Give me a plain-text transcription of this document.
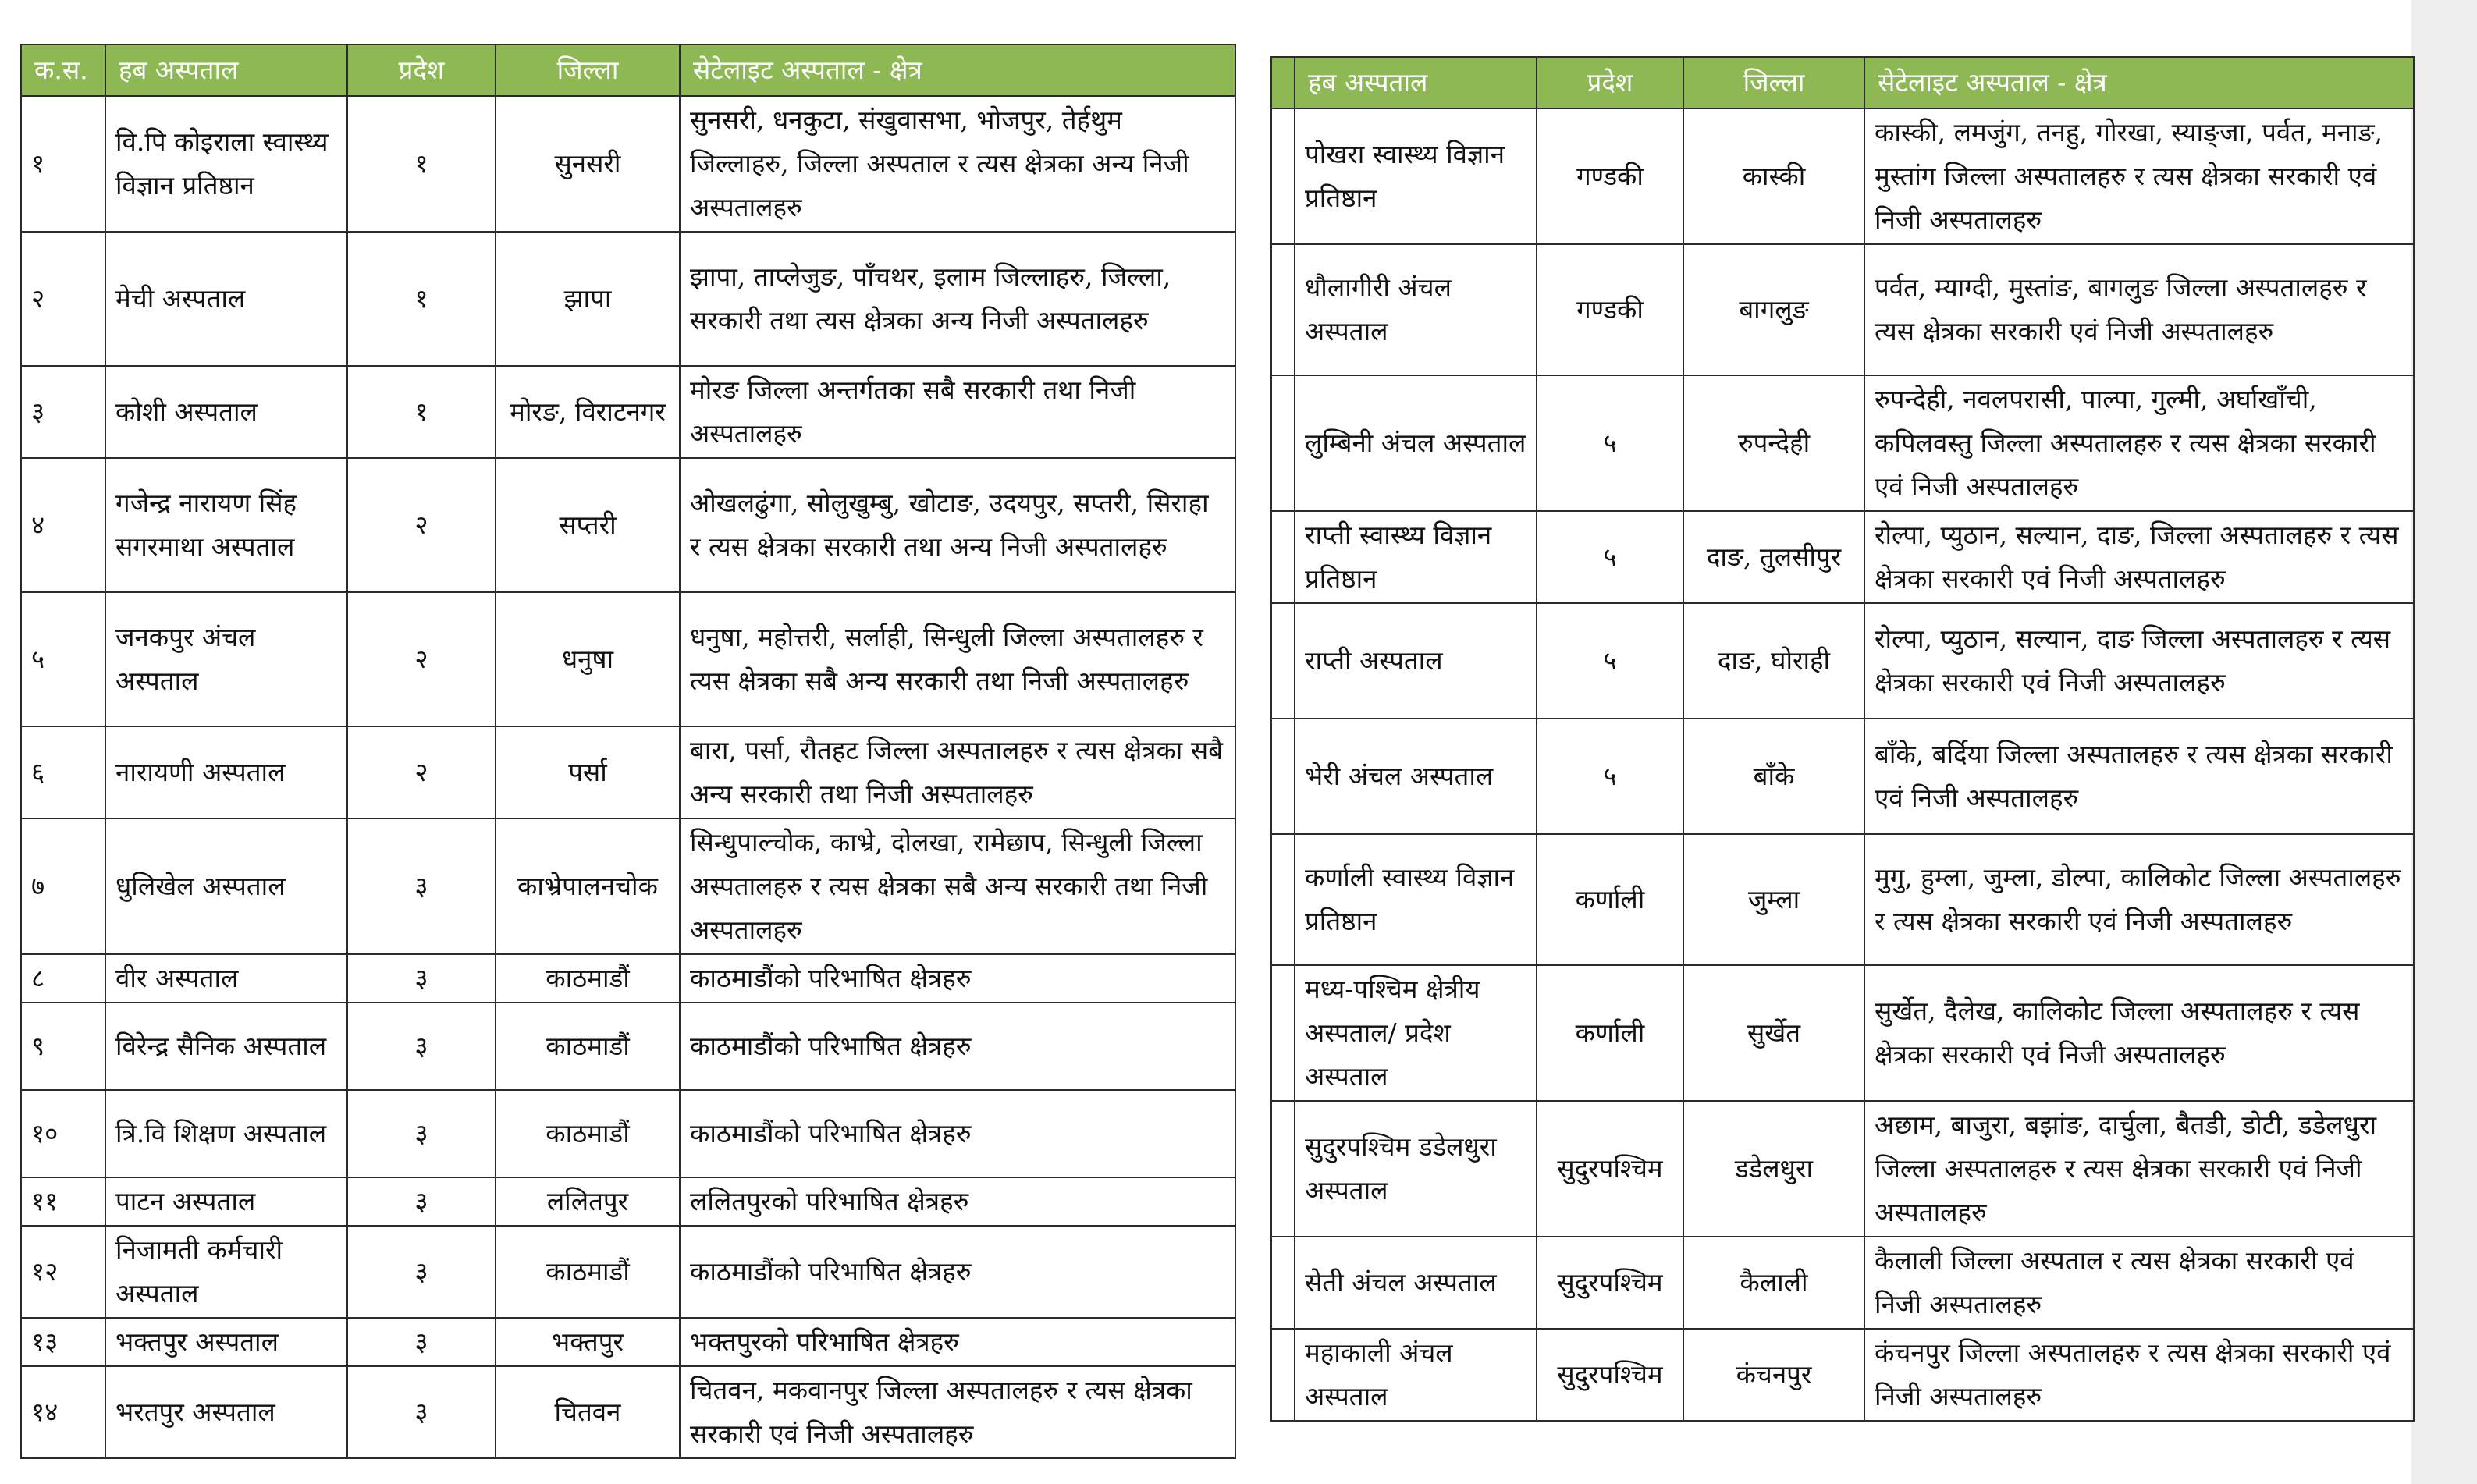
क.स.	हब अस्पताल	प्रदेश	जिल्ला	सेटेलाइट अस्पताल - क्षेत्र
१	वि.पि कोइराला स्वास्थ्य विज्ञान प्रतिष्ठान	१	सुनसरी	सुनसरी, धनकुटा, संखुवासभा, भोजपुर, तेर्हथुम जिल्लाहरु, जिल्ला अस्पताल र त्यस क्षेत्रका अन्य निजी अस्पतालहरु
२	मेची अस्पताल	१	झापा	झापा, ताप्लेजुङ, पाँचथर, इलाम जिल्लाहरु, जिल्ला, सरकारी तथा त्यस क्षेत्रका अन्य निजी अस्पतालहरु
३	कोशी अस्पताल	१	मोरङ, विराटनगर	मोरङ जिल्ला अन्तर्गतका सबै सरकारी तथा निजी अस्पतालहरु
४	गजेन्द्र नारायण सिंह सगरमाथा अस्पताल	२	सप्तरी	ओखलढुंगा, सोलुखुम्बु, खोटाङ, उदयपुर, सप्तरी, सिराहा र त्यस क्षेत्रका सरकारी तथा अन्य निजी अस्पतालहरु
५	जनकपुर अंचल अस्पताल	२	धनुषा	धनुषा, महोत्तरी, सर्लाही, सिन्धुली जिल्ला अस्पतालहरु र त्यस क्षेत्रका सबै अन्य सरकारी तथा निजी अस्पतालहरु
६	नारायणी अस्पताल	२	पर्सा	बारा, पर्सा, रौतहट जिल्ला अस्पतालहरु र त्यस क्षेत्रका सबै अन्य सरकारी तथा निजी अस्पतालहरु
७	धुलिखेल अस्पताल	३	काभ्रेपालनचोक	सिन्धुपाल्चोक, काभ्रे, दोलखा, रामेछाप, सिन्धुली जिल्ला अस्पतालहरु र त्यस क्षेत्रका सबै अन्य सरकारी तथा निजी अस्पतालहरु
८	वीर अस्पताल	३	काठमाडौं	काठमाडौंको परिभाषित क्षेत्रहरु
९	विरेन्द्र सैनिक अस्पताल	३	काठमाडौं	काठमाडौंको परिभाषित क्षेत्रहरु
१०	त्रि.वि शिक्षण अस्पताल	३	काठमाडौं	काठमाडौंको परिभाषित क्षेत्रहरु
११	पाटन अस्पताल	३	ललितपुर	ललितपुरको परिभाषित क्षेत्रहरु
१२	निजामती कर्मचारी अस्पताल	३	काठमाडौं	काठमाडौंको परिभाषित क्षेत्रहरु
१३	भक्तपुर अस्पताल	३	भक्तपुर	भक्तपुरको परिभाषित क्षेत्रहरु
१४	भरतपुर अस्पताल	३	चितवन	चितवन, मकवानपुर जिल्ला अस्पतालहरु र त्यस क्षेत्रका सरकारी एवं निजी अस्पतालहरु
	हब अस्पताल	प्रदेश	जिल्ला	सेटेलाइट अस्पताल - क्षेत्र
	पोखरा स्वास्थ्य विज्ञान प्रतिष्ठान	गण्डकी	कास्की	कास्की, लमजुंग, तनहु, गोरखा, स्याङ्जा, पर्वत, मनाङ, मुस्तांग जिल्ला अस्पतालहरु र त्यस क्षेत्रका सरकारी एवं निजी अस्पतालहरु
	धौलागीरी अंचल अस्पताल	गण्डकी	बागलुङ	पर्वत, म्याग्दी, मुस्तांङ, बागलुङ जिल्ला अस्पतालहरु र त्यस क्षेत्रका सरकारी एवं निजी अस्पतालहरु
	लुम्बिनी अंचल अस्पताल	५	रुपन्देही	रुपन्देही, नवलपरासी, पाल्पा, गुल्मी, अर्घाखाँची, कपिलवस्तु जिल्ला अस्पतालहरु र त्यस क्षेत्रका सरकारी एवं निजी अस्पतालहरु
	राप्ती स्वास्थ्य विज्ञान प्रतिष्ठान	५	दाङ, तुलसीपुर	रोल्पा, प्युठान, सल्यान, दाङ, जिल्ला अस्पतालहरु र त्यस क्षेत्रका सरकारी एवं निजी अस्पतालहरु
	राप्ती अस्पताल	५	दाङ, घोराही	रोल्पा, प्युठान, सल्यान, दाङ जिल्ला अस्पतालहरु र त्यस क्षेत्रका सरकारी एवं निजी अस्पतालहरु
	भेरी अंचल अस्पताल	५	बाँके	बाँके, बर्दिया जिल्ला अस्पतालहरु र त्यस क्षेत्रका सरकारी एवं निजी अस्पतालहरु
	कर्णाली स्वास्थ्य विज्ञान प्रतिष्ठान	कर्णाली	जुम्ला	मुगु, हुम्ला, जुम्ला, डोल्पा, कालिकोट जिल्ला अस्पतालहरु र त्यस क्षेत्रका सरकारी एवं निजी अस्पतालहरु
	मध्य-पश्चिम क्षेत्रीय अस्पताल/ प्रदेश अस्पताल	कर्णाली	सुर्खेत	सुर्खेत, दैलेख, कालिकोट जिल्ला अस्पतालहरु र त्यस क्षेत्रका सरकारी एवं निजी अस्पतालहरु
	सुदुरपश्चिम डडेलधुरा अस्पताल	सुदुरपश्चिम	डडेलधुरा	अछाम, बाजुरा, बझांङ, दार्चुला, बैतडी, डोटी, डडेलधुरा जिल्ला अस्पतालहरु र त्यस क्षेत्रका सरकारी एवं निजी अस्पतालहरु
	सेती अंचल अस्पताल	सुदुरपश्चिम	कैलाली	कैलाली जिल्ला अस्पताल र त्यस क्षेत्रका सरकारी एवं निजी अस्पतालहरु
	महाकाली अंचल अस्पताल	सुदुरपश्चिम	कंचनपुर	कंचनपुर जिल्ला अस्पतालहरु र त्यस क्षेत्रका सरकारी एवं निजी अस्पतालहरु
